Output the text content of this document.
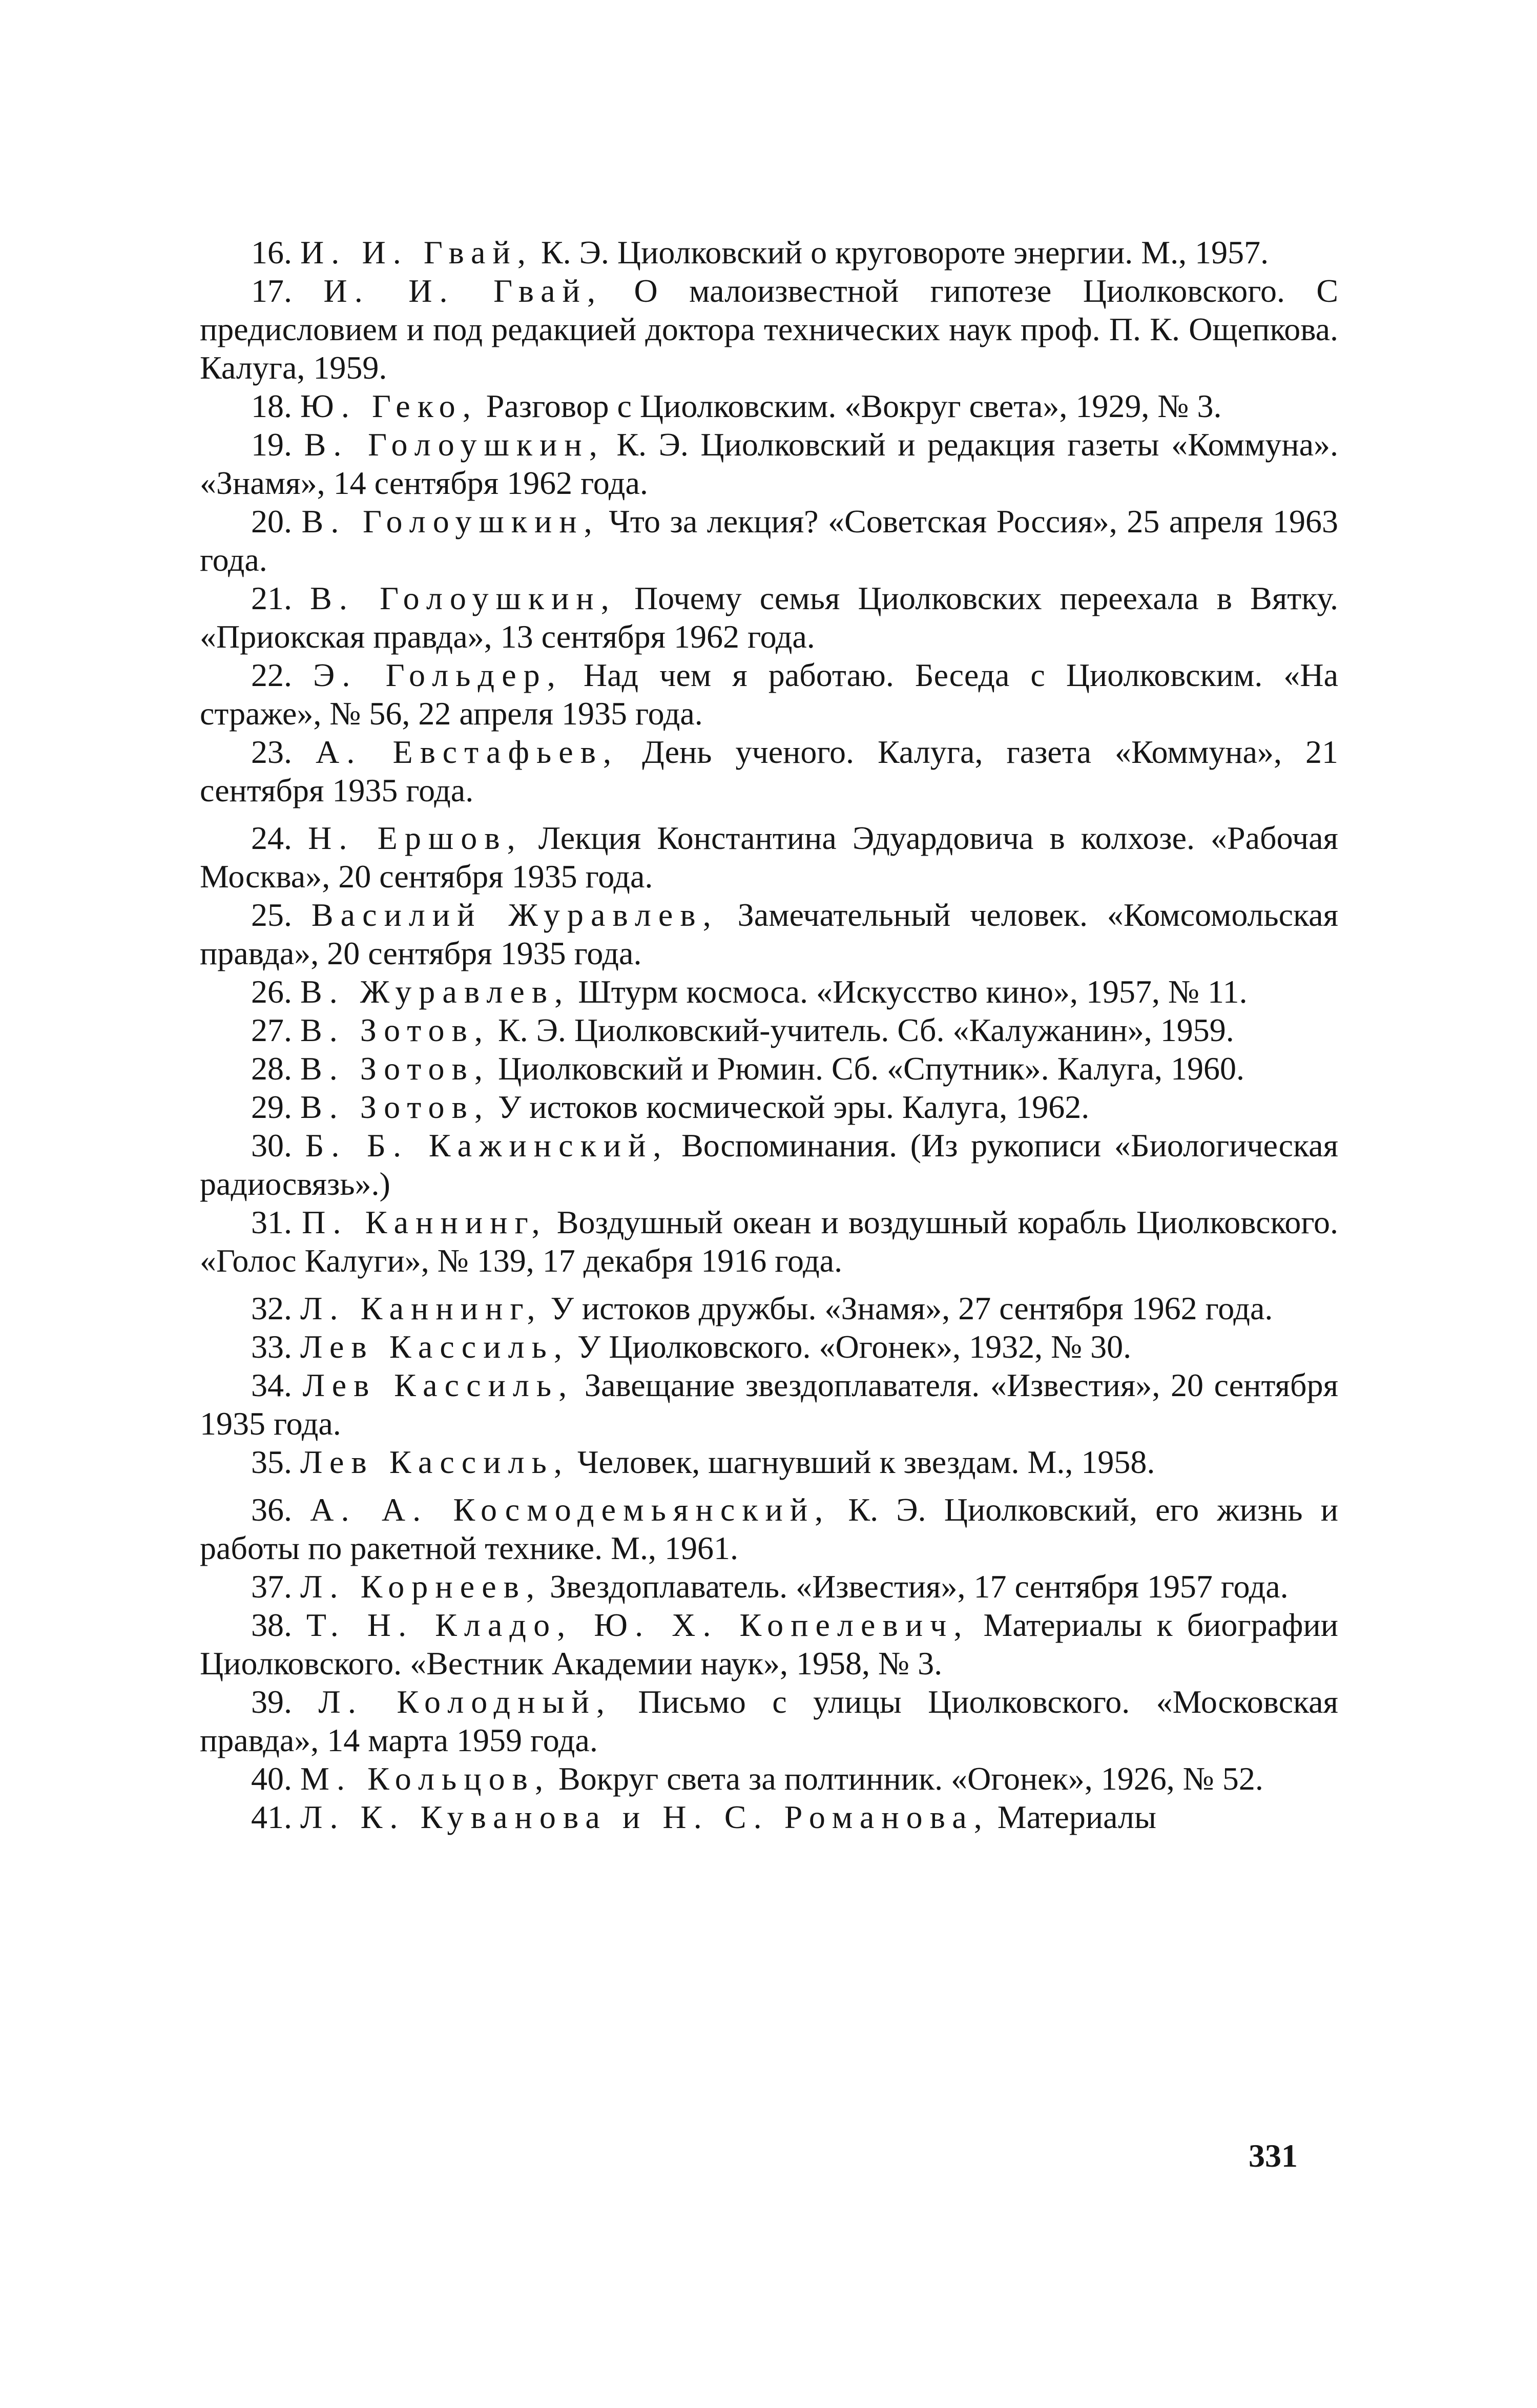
16. И. И. Гвай, К. Э. Циолковский о круговороте энергии. М., 1957.

17. И. И. Гвай, О малоизвестной гипотезе Циолковского. С предисловием и под редакцией доктора технических наук проф. П. К. Ощепкова. Калуга, 1959.

18. Ю. Геко, Разговор с Циолковским. «Вокруг света», 1929, № 3.

19. В. Голоушкин, К. Э. Циолковский и редакция газеты «Коммуна». «Знамя», 14 сентября 1962 года.

20. В. Голоушкин, Что за лекция? «Советская Россия», 25 апреля 1963 года.

21. В. Голоушкин, Почему семья Циолковских переехала в Вятку. «Приокская правда», 13 сентября 1962 года.

22. Э. Гольдер, Над чем я работаю. Беседа с Циолковским. «На страже», № 56, 22 апреля 1935 года.

23. А. Евстафьев, День ученого. Калуга, газета «Коммуна», 21 сентября 1935 года.

24. Н. Ершов, Лекция Константина Эдуардовича в колхозе. «Рабочая Москва», 20 сентября 1935 года.

25. Василий Журавлев, Замечательный человек. «Комсомольская правда», 20 сентября 1935 года.

26. В. Журавлев, Штурм космоса. «Искусство кино», 1957, № 11.

27. В. Зотов, К. Э. Циолковский-учитель. Сб. «Калужанин», 1959.

28. В. Зотов, Циолковский и Рюмин. Сб. «Спутник». Калуга, 1960.

29. В. Зотов, У истоков космической эры. Калуга, 1962.

30. Б. Б. Кажинский, Воспоминания. (Из рукописи «Биологическая радиосвязь».)

31. П. Каннинг, Воздушный океан и воздушный корабль Циолковского. «Голос Калуги», № 139, 17 декабря 1916 года.

32. Л. Каннинг, У истоков дружбы. «Знамя», 27 сентября 1962 года.

33. Лев Кассиль, У Циолковского. «Огонек», 1932, № 30.

34. Лев Кассиль, Завещание звездоплавателя. «Известия», 20 сентября 1935 года.

35. Лев Кассиль, Человек, шагнувший к звездам. М., 1958.

36. А. А. Космодемьянский, К. Э. Циолковский, его жизнь и работы по ракетной технике. М., 1961.

37. Л. Корнеев, Звездоплаватель. «Известия», 17 сентября 1957 года.

38. Т. Н. Кладо, Ю. Х. Копелевич, Материалы к биографии Циолковского. «Вестник Академии наук», 1958, № 3.

39. Л. Колодный, Письмо с улицы Циолковского. «Московская правда», 14 марта 1959 года.

40. М. Кольцов, Вокруг света за полтинник. «Огонек», 1926, № 52.

41. Л. К. Куванова и Н. С. Романова, Материалы

331
